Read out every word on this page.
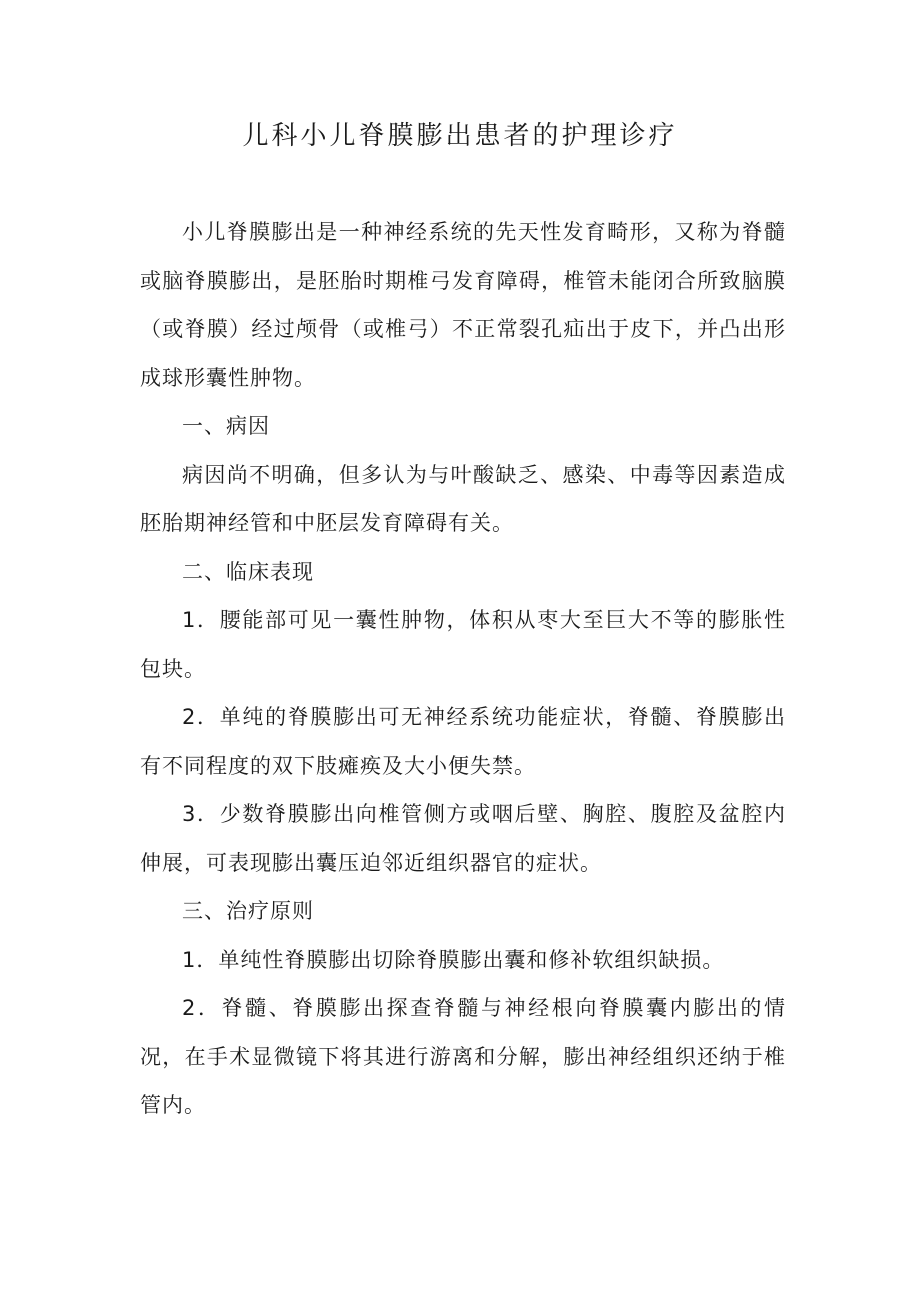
儿科小儿脊膜膨出患者的护理诊疗

小儿脊膜膨出是一种神经系统的先天性发育畸形，又称为脊髓或脑脊膜膨出，是胚胎时期椎弓发育障碍，椎管未能闭合所致脑膜（或脊膜）经过颅骨（或椎弓）不正常裂孔疝出于皮下，并凸出形成球形囊性肿物。

一、病因

病因尚不明确，但多认为与叶酸缺乏、感染、中毒等因素造成胚胎期神经管和中胚层发育障碍有关。

二、临床表现

1．腰能部可见一囊性肿物，体积从枣大至巨大不等的膨胀性包块。

2．单纯的脊膜膨出可无神经系统功能症状，脊髓、脊膜膨出有不同程度的双下肢瘫痪及大小便失禁。

3．少数脊膜膨出向椎管侧方或咽后壁、胸腔、腹腔及盆腔内伸展，可表现膨出囊压迫邻近组织器官的症状。

三、治疗原则

1．单纯性脊膜膨出切除脊膜膨出囊和修补软组织缺损。

2．脊髓、脊膜膨出探查脊髓与神经根向脊膜囊内膨出的情况，在手术显微镜下将其进行游离和分解，膨出神经组织还纳于椎管内。
